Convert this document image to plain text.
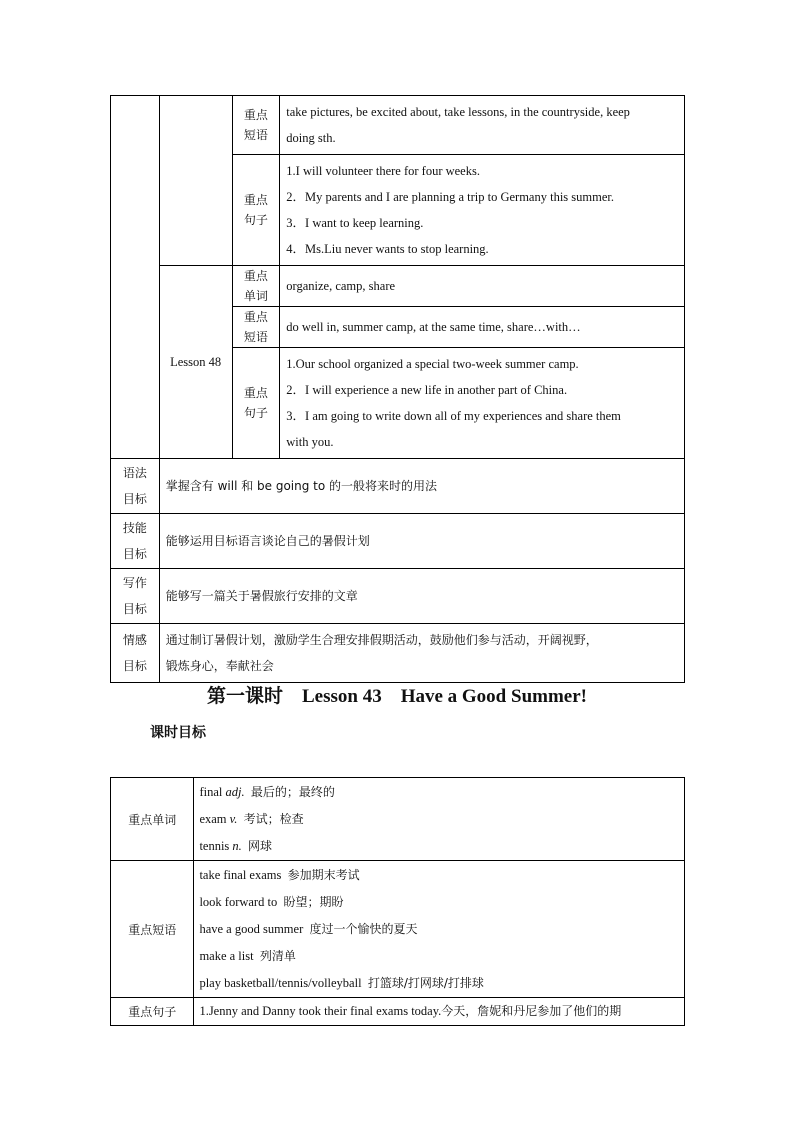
		重点
短语	take pictures, be excited about, take lessons, in the countryside, keep
doing sth.

		重点
句子	1.I will volunteer there for four weeks.
2．My parents and I are planning a trip to Germany this summer.
3．I want to keep learning.
4．Ms.Liu never wants to stop learning.

	Lesson 48	重点
单词	organize, camp, share
		重点
短语	do well in, summer camp, at the same time, share…with…
		重点
句子	1.Our school organized a special two-week summer camp.
2．I will experience a new life in another part of China.
3．I am going to write down all of my experiences and share them
with you.

语法
目标	掌握含有 will 和 be going to 的一般将来时的用法		

技能
目标	能够运用目标语言谈论自己的暑假计划		

写作
目标	能够写一篇关于暑假旅行安排的文章		

情感
目标	通过制订暑假计划，激励学生合理安排假期活动，鼓励他们参与活动，开阔视野，
锻炼身心，奉献社会		
第一课时    Lesson 43    Have a Good Summer!
课时目标
重点单词	final adj. 最后的；最终的
exam v. 考试；检查
tennis n. 网球

重点短语	take final exams 参加期末考试
look forward to 盼望；期盼
have a good summer 度过一个愉快的夏天
make a list 列清单
play basketball/tennis/volleyball 打篮球/打网球/打排球

重点句子	1.Jenny and Danny took their final exams today.今天，詹妮和丹尼参加了他们的期
